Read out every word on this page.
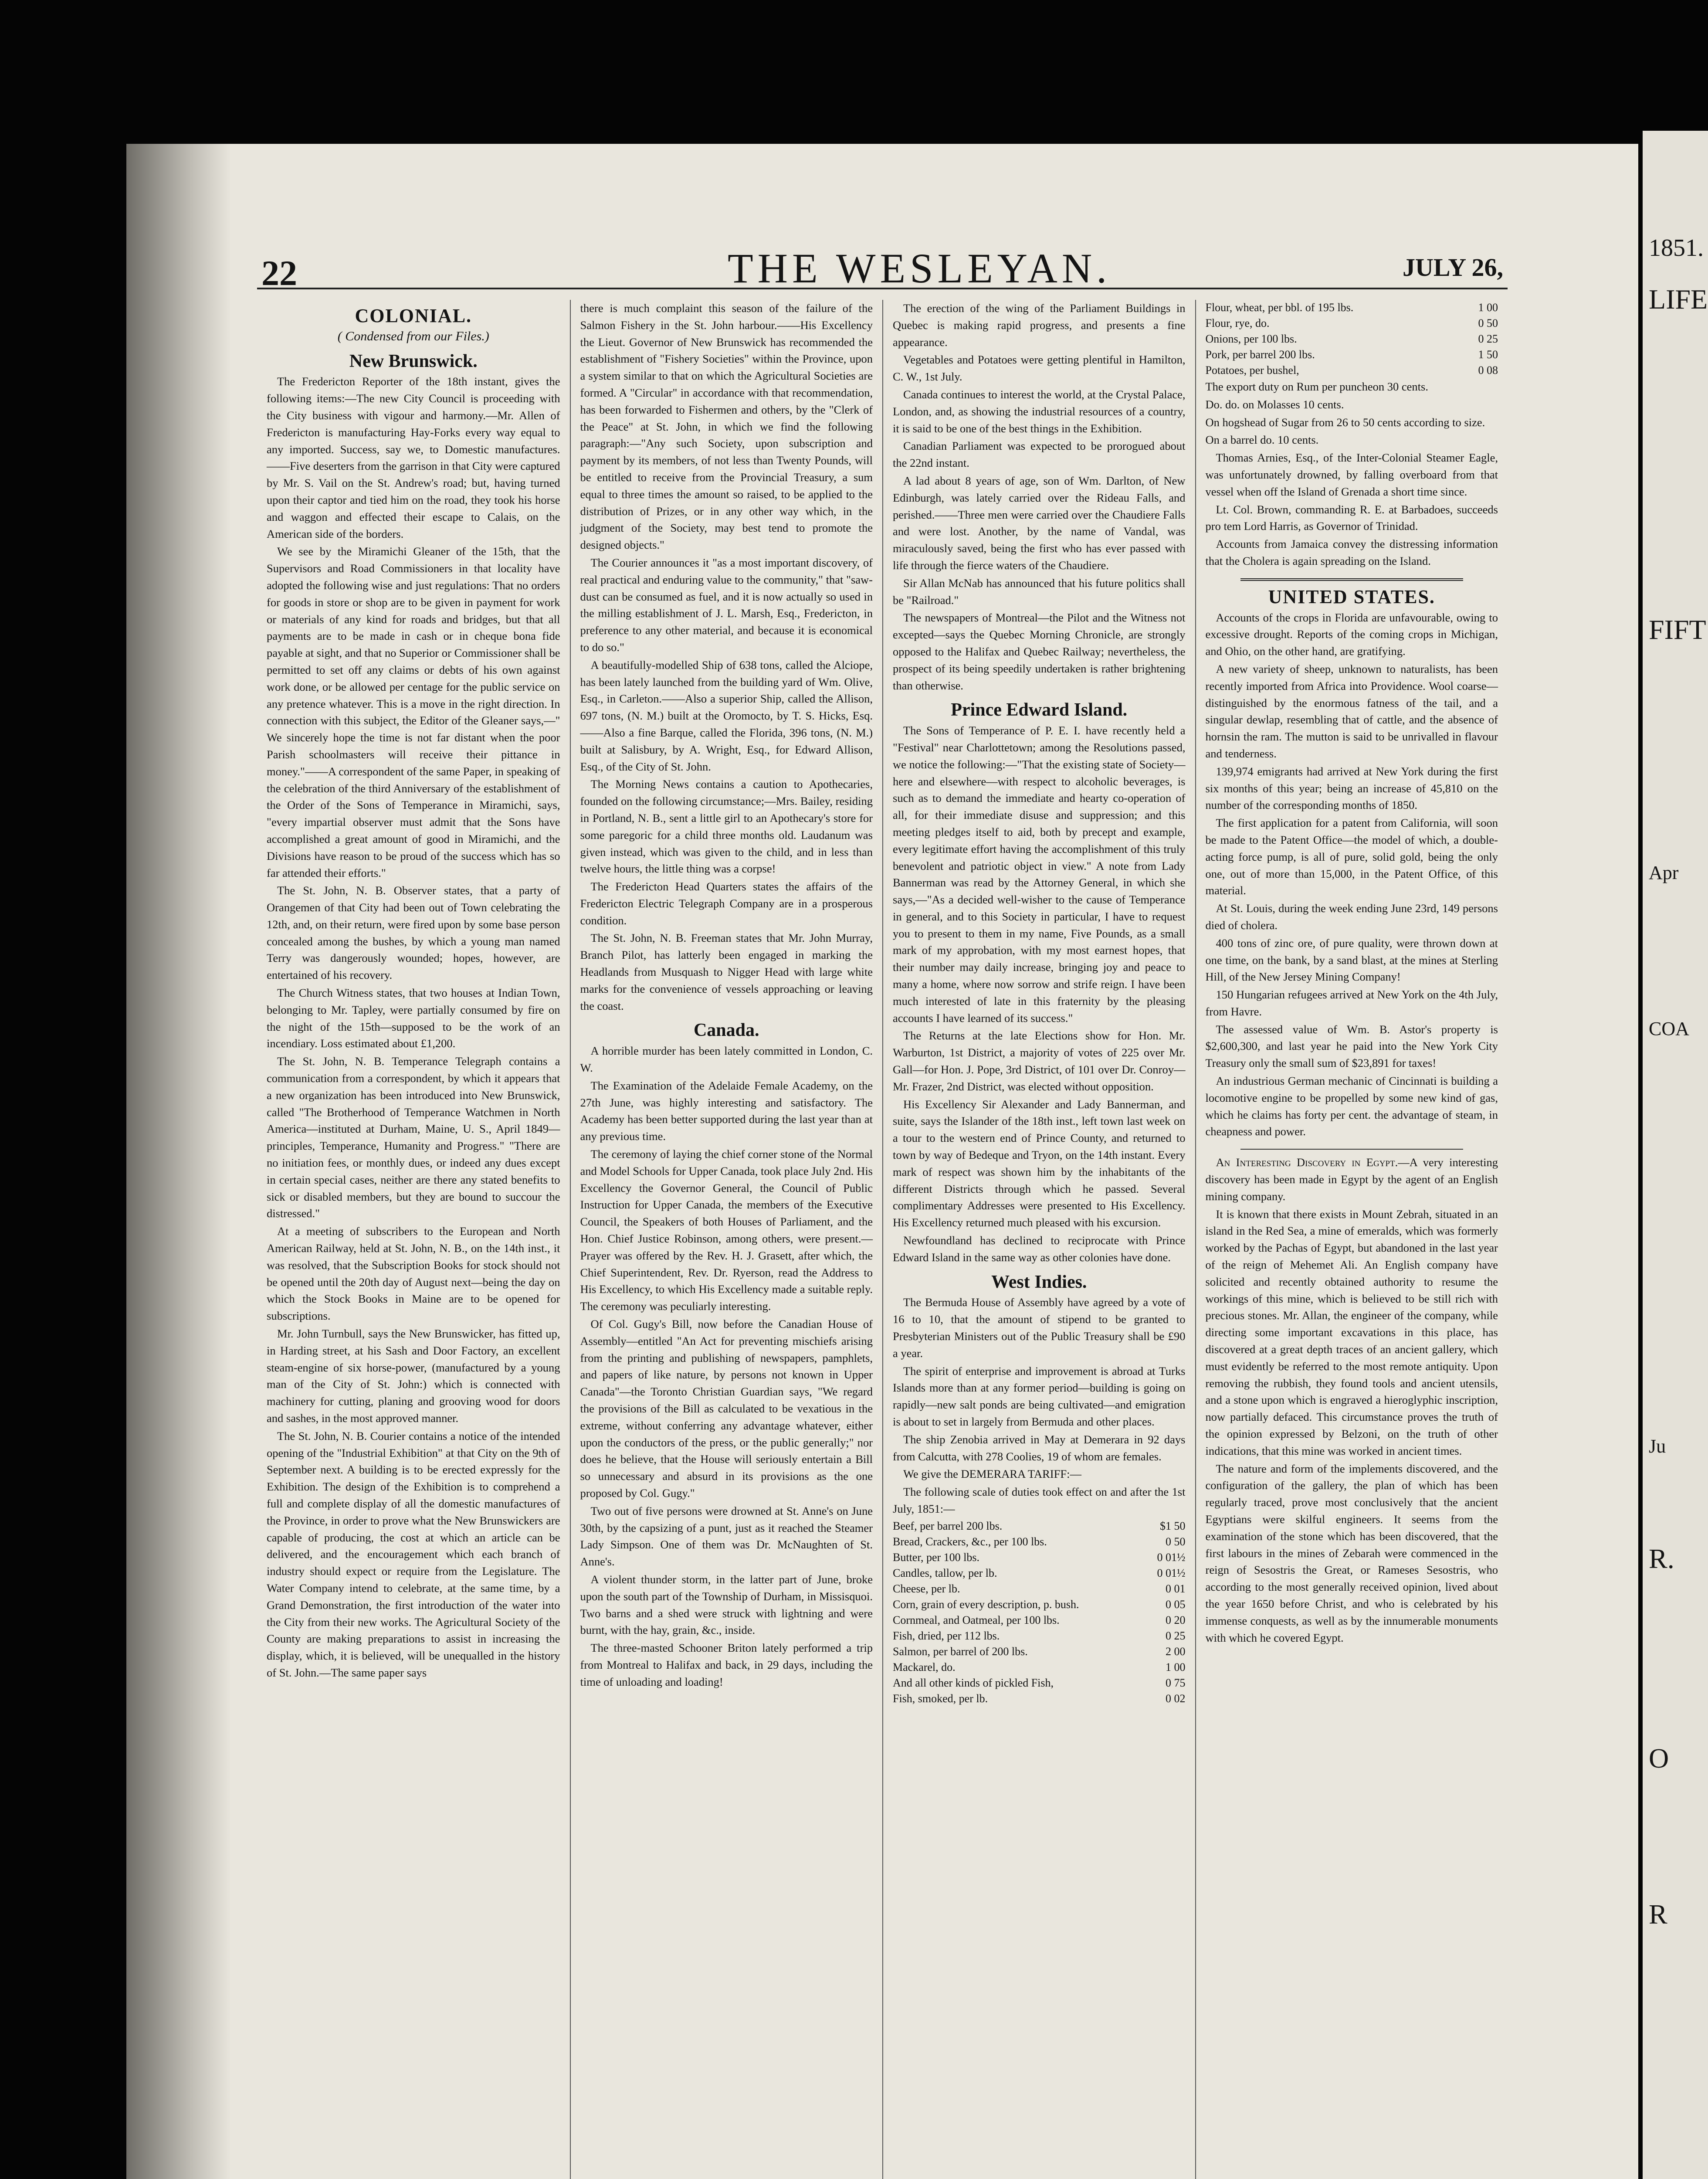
22	THE WESLEYAN.	JULY 26,
COLONIAL.
( Condensed from our Files.)
New Brunswick.

The Fredericton Reporter of the 18th instant, gives the following items:—The new City Council is proceeding with the City business with vigour and harmony.—Mr. Allen of Fredericton is manufacturing Hay-Forks every way equal to any imported. Success, say we, to Domestic manufactures.——Five deserters from the garrison in that City were captured by Mr. S. Vail on the St. Andrew's road; but, having turned upon their captor and tied him on the road, they took his horse and waggon and effected their escape to Calais, on the American side of the borders.

We see by the Miramichi Gleaner of the 15th, that the Supervisors and Road Commissioners in that locality have adopted the following wise and just regulations: That no orders for goods in store or shop are to be given in payment for work or materials of any kind for roads and bridges, but that all payments are to be made in cash or in cheque bona fide payable at sight, and that no Superior or Commissioner shall be permitted to set off any claims or debts of his own against work done, or be allowed per centage for the public service on any pretence whatever. This is a move in the right direction. In connection with this subject, the Editor of the Gleaner says,—" We sincerely hope the time is not far distant when the poor Parish schoolmasters will receive their pittance in money."——A correspondent of the same Paper, in speaking of the celebration of the third Anniversary of the establishment of the Order of the Sons of Temperance in Miramichi, says, "every impartial observer must admit that the Sons have accomplished a great amount of good in Miramichi, and the Divisions have reason to be proud of the success which has so far attended their efforts."

The St. John, N. B. Observer states, that a party of Orangemen of that City had been out of Town celebrating the 12th, and, on their return, were fired upon by some base person concealed among the bushes, by which a young man named Terry was dangerously wounded; hopes, however, are entertained of his recovery.

The Church Witness states, that two houses at Indian Town, belonging to Mr. Tapley, were partially consumed by fire on the night of the 15th—supposed to be the work of an incendiary. Loss estimated about £1,200.

The St. John, N. B. Temperance Telegraph contains a communication from a correspondent, by which it appears that a new organization has been introduced into New Brunswick, called "The Brotherhood of Temperance Watchmen in North America—instituted at Durham, Maine, U. S., April 1849—principles, Temperance, Humanity and Progress." "There are no initiation fees, or monthly dues, or indeed any dues except in certain special cases, neither are there any stated benefits to sick or disabled members, but they are bound to succour the distressed."

At a meeting of subscribers to the European and North American Railway, held at St. John, N. B., on the 14th inst., it was resolved, that the Subscription Books for stock should not be opened until the 20th day of August next—being the day on which the Stock Books in Maine are to be opened for subscriptions.

Mr. John Turnbull, says the New Brunswicker, has fitted up, in Harding street, at his Sash and Door Factory, an excellent steam-engine of six horse-power, (manufactured by a young man of the City of St. John:) which is connected with machinery for cutting, planing and grooving wood for doors and sashes, in the most approved manner.

The St. John, N. B. Courier contains a notice of the intended opening of the "Industrial Exhibition" at that City on the 9th of September next. A building is to be erected expressly for the Exhibition. The design of the Exhibition is to comprehend a full and complete display of all the domestic manufactures of the Province, in order to prove what the New Brunswickers are capable of producing, the cost at which an article can be delivered, and the encouragement which each branch of industry should expect or require from the Legislature. The Water Company intend to celebrate, at the same time, by a Grand Demonstration, the first introduction of the water into the City from their new works. The Agricultural Society of the County are making preparations to assist in increasing the display, which, it is believed, will be unequalled in the history of St. John.—The same paper says

there is much complaint this season of the failure of the Salmon Fishery in the St. John harbour.——His Excellency the Lieut. Governor of New Brunswick has recommended the establishment of "Fishery Societies" within the Province, upon a system similar to that on which the Agricultural Societies are formed. A "Circular" in accordance with that recommendation, has been forwarded to Fishermen and others, by the "Clerk of the Peace" at St. John, in which we find the following paragraph:—"Any such Society, upon subscription and payment by its members, of not less than Twenty Pounds, will be entitled to receive from the Provincial Treasury, a sum equal to three times the amount so raised, to be applied to the distribution of Prizes, or in any other way which, in the judgment of the Society, may best tend to promote the designed objects."

The Courier announces it "as a most important discovery, of real practical and enduring value to the community," that "saw-dust can be consumed as fuel, and it is now actually so used in the milling establishment of J. L. Marsh, Esq., Fredericton, in preference to any other material, and because it is economical to do so."

A beautifully-modelled Ship of 638 tons, called the Alciope, has been lately launched from the building yard of Wm. Olive, Esq., in Carleton.——Also a superior Ship, called the Allison, 697 tons, (N. M.) built at the Oromocto, by T. S. Hicks, Esq.——Also a fine Barque, called the Florida, 396 tons, (N. M.) built at Salisbury, by A. Wright, Esq., for Edward Allison, Esq., of the City of St. John.

The Morning News contains a caution to Apothecaries, founded on the following circumstance;—Mrs. Bailey, residing in Portland, N. B., sent a little girl to an Apothecary's store for some paregoric for a child three months old. Laudanum was given instead, which was given to the child, and in less than twelve hours, the little thing was a corpse!

The Fredericton Head Quarters states the affairs of the Fredericton Electric Telegraph Company are in a prosperous condition.

The St. John, N. B. Freeman states that Mr. John Murray, Branch Pilot, has latterly been engaged in marking the Headlands from Musquash to Nigger Head with large white marks for the convenience of vessels approaching or leaving the coast.

Canada.

A horrible murder has been lately committed in London, C. W.

The Examination of the Adelaide Female Academy, on the 27th June, was highly interesting and satisfactory. The Academy has been better supported during the last year than at any previous time.

The ceremony of laying the chief corner stone of the Normal and Model Schools for Upper Canada, took place July 2nd. His Excellency the Governor General, the Council of Public Instruction for Upper Canada, the members of the Executive Council, the Speakers of both Houses of Parliament, and the Hon. Chief Justice Robinson, among others, were present.—Prayer was offered by the Rev. H. J. Grasett, after which, the Chief Superintendent, Rev. Dr. Ryerson, read the Address to His Excellency, to which His Excellency made a suitable reply. The ceremony was peculiarly interesting.

Of Col. Gugy's Bill, now before the Canadian House of Assembly—entitled "An Act for preventing mischiefs arising from the printing and publishing of newspapers, pamphlets, and papers of like nature, by persons not known in Upper Canada"—the Toronto Christian Guardian says, "We regard the provisions of the Bill as calculated to be vexatious in the extreme, without conferring any advantage whatever, either upon the conductors of the press, or the public generally;" nor does he believe, that the House will seriously entertain a Bill so unnecessary and absurd in its provisions as the one proposed by Col. Gugy."

Two out of five persons were drowned at St. Anne's on June 30th, by the capsizing of a punt, just as it reached the Steamer Lady Simpson. One of them was Dr. McNaughten of St. Anne's.

A violent thunder storm, in the latter part of June, broke upon the south part of the Township of Durham, in Missisquoi. Two barns and a shed were struck with lightning and were burnt, with the hay, grain, &c., inside.

The three-masted Schooner Briton lately performed a trip from Montreal to Halifax and back, in 29 days, including the time of unloading and loading!

The erection of the wing of the Parliament Buildings in Quebec is making rapid progress, and presents a fine appearance.

Vegetables and Potatoes were getting plentiful in Hamilton, C. W., 1st July.

Canada continues to interest the world, at the Crystal Palace, London, and, as showing the industrial resources of a country, it is said to be one of the best things in the Exhibition.

Canadian Parliament was expected to be prorogued about the 22nd instant.

A lad about 8 years of age, son of Wm. Darlton, of New Edinburgh, was lately carried over the Rideau Falls, and perished.——Three men were carried over the Chaudiere Falls and were lost. Another, by the name of Vandal, was miraculously saved, being the first who has ever passed with life through the fierce waters of the Chaudiere.

Sir Allan McNab has announced that his future politics shall be "Railroad."

The newspapers of Montreal—the Pilot and the Witness not excepted—says the Quebec Morning Chronicle, are strongly opposed to the Halifax and Quebec Railway; nevertheless, the prospect of its being speedily undertaken is rather brightening than otherwise.

Prince Edward Island.

The Sons of Temperance of P. E. I. have recently held a "Festival" near Charlottetown; among the Resolutions passed, we notice the following:—"That the existing state of Society—here and elsewhere—with respect to alcoholic beverages, is such as to demand the immediate and hearty co-operation of all, for their immediate disuse and suppression; and this meeting pledges itself to aid, both by precept and example, every legitimate effort having the accomplishment of this truly benevolent and patriotic object in view." A note from Lady Bannerman was read by the Attorney General, in which she says,—"As a decided well-wisher to the cause of Temperance in general, and to this Society in particular, I have to request you to present to them in my name, Five Pounds, as a small mark of my approbation, with my most earnest hopes, that their number may daily increase, bringing joy and peace to many a home, where now sorrow and strife reign. I have been much interested of late in this fraternity by the pleasing accounts I have learned of its success."

The Returns at the late Elections show for Hon. Mr. Warburton, 1st District, a majority of votes of 225 over Mr. Gall—for Hon. J. Pope, 3rd District, of 101 over Dr. Conroy—Mr. Frazer, 2nd District, was elected without opposition.

His Excellency Sir Alexander and Lady Bannerman, and suite, says the Islander of the 18th inst., left town last week on a tour to the western end of Prince County, and returned to town by way of Bedeque and Tryon, on the 14th instant. Every mark of respect was shown him by the inhabitants of the different Districts through which he passed. Several complimentary Addresses were presented to His Excellency. His Excellency returned much pleased with his excursion.

Newfoundland has declined to reciprocate with Prince Edward Island in the same way as other colonies have done.

West Indies.

The Bermuda House of Assembly have agreed by a vote of 16 to 10, that the amount of stipend to be granted to Presbyterian Ministers out of the Public Treasury shall be £90 a year.

The spirit of enterprise and improvement is abroad at Turks Islands more than at any former period—building is going on rapidly—new salt ponds are being cultivated—and emigration is about to set in largely from Bermuda and other places.

The ship Zenobia arrived in May at Demerara in 92 days from Calcutta, with 278 Coolies, 19 of whom are females.

We give the DEMERARA TARIFF:—

The following scale of duties took effect on and after the 1st July, 1851:—

Beef, per barrel 200 lbs.	$1 50
Bread, Crackers, &c., per 100 lbs.	0 50
Butter, per 100 lbs.	0 01½
Candles, tallow, per lb.	0 01½
Cheese, per lb.	0 01
Corn, grain of every description, p. bush.	0 05
Cornmeal, and Oatmeal, per 100 lbs.	0 20
Fish, dried, per 112 lbs.	0 25
Salmon, per barrel of 200 lbs.	2 00
Mackarel, do.	1 00
And all other kinds of pickled Fish,	0 75
Fish, smoked, per lb.	0 02
Flour, wheat, per bbl. of 195 lbs.	1 00
Flour, rye, do.	0 50
Onions, per 100 lbs.	0 25
Pork, per barrel 200 lbs.	1 50
Potatoes, per bushel,	0 08

The export duty on Rum per puncheon 30 cents.

Do. do. on Molasses 10 cents.

On hogshead of Sugar from 26 to 50 cents according to size.

On a barrel do. 10 cents.

Thomas Arnies, Esq., of the Inter-Colonial Steamer Eagle, was unfortunately drowned, by falling overboard from that vessel when off the Island of Grenada a short time since.

Lt. Col. Brown, commanding R. E. at Barbadoes, succeeds pro tem Lord Harris, as Governor of Trinidad.

Accounts from Jamaica convey the distressing information that the Cholera is again spreading on the Island.

UNITED STATES.

Accounts of the crops in Florida are unfavourable, owing to excessive drought. Reports of the coming crops in Michigan, and Ohio, on the other hand, are gratifying.

A new variety of sheep, unknown to naturalists, has been recently imported from Africa into Providence. Wool coarse—distinguished by the enormous fatness of the tail, and a singular dewlap, resembling that of cattle, and the absence of hornsin the ram. The mutton is said to be unrivalled in flavour and tenderness.

139,974 emigrants had arrived at New York during the first six months of this year; being an increase of 45,810 on the number of the corresponding months of 1850.

The first application for a patent from California, will soon be made to the Patent Office—the model of which, a double-acting force pump, is all of pure, solid gold, being the only one, out of more than 15,000, in the Patent Office, of this material.

At St. Louis, during the week ending June 23rd, 149 persons died of cholera.

400 tons of zinc ore, of pure quality, were thrown down at one time, on the bank, by a sand blast, at the mines at Sterling Hill, of the New Jersey Mining Company!

150 Hungarian refugees arrived at New York on the 4th July, from Havre.

The assessed value of Wm. B. Astor's property is $2,600,300, and last year he paid into the New York City Treasury only the small sum of $23,891 for taxes!

An industrious German mechanic of Cincinnati is building a locomotive engine to be propelled by some new kind of gas, which he claims has forty per cent. the advantage of steam, in cheapness and power.

An Interesting Discovery in Egypt.—A very interesting discovery has been made in Egypt by the agent of an English mining company.

It is known that there exists in Mount Zebrah, situated in an island in the Red Sea, a mine of emeralds, which was formerly worked by the Pachas of Egypt, but abandoned in the last year of the reign of Mehemet Ali. An English company have solicited and recently obtained authority to resume the workings of this mine, which is believed to be still rich with precious stones. Mr. Allan, the engineer of the company, while directing some important excavations in this place, has discovered at a great depth traces of an ancient gallery, which must evidently be referred to the most remote antiquity. Upon removing the rubbish, they found tools and ancient utensils, and a stone upon which is engraved a hieroglyphic inscription, now partially defaced. This circumstance proves the truth of the opinion expressed by Belzoni, on the truth of other indications, that this mine was worked in ancient times.

The nature and form of the implements discovered, and the configuration of the gallery, the plan of which has been regularly traced, prove most conclusively that the ancient Egyptians were skilful engineers. It seems from the examination of the stone which has been discovered, that the first labours in the mines of Zebarah were commenced in the reign of Sesostris the Great, or Rameses Sesostris, who according to the most generally received opinion, lived about the year 1650 before Christ, and who is celebrated by his immense conquests, as well as by the innumerable monuments with which he covered Egypt.

1851.
LIFE
FIFT
Apr
COA
Ju
R.
O
R
